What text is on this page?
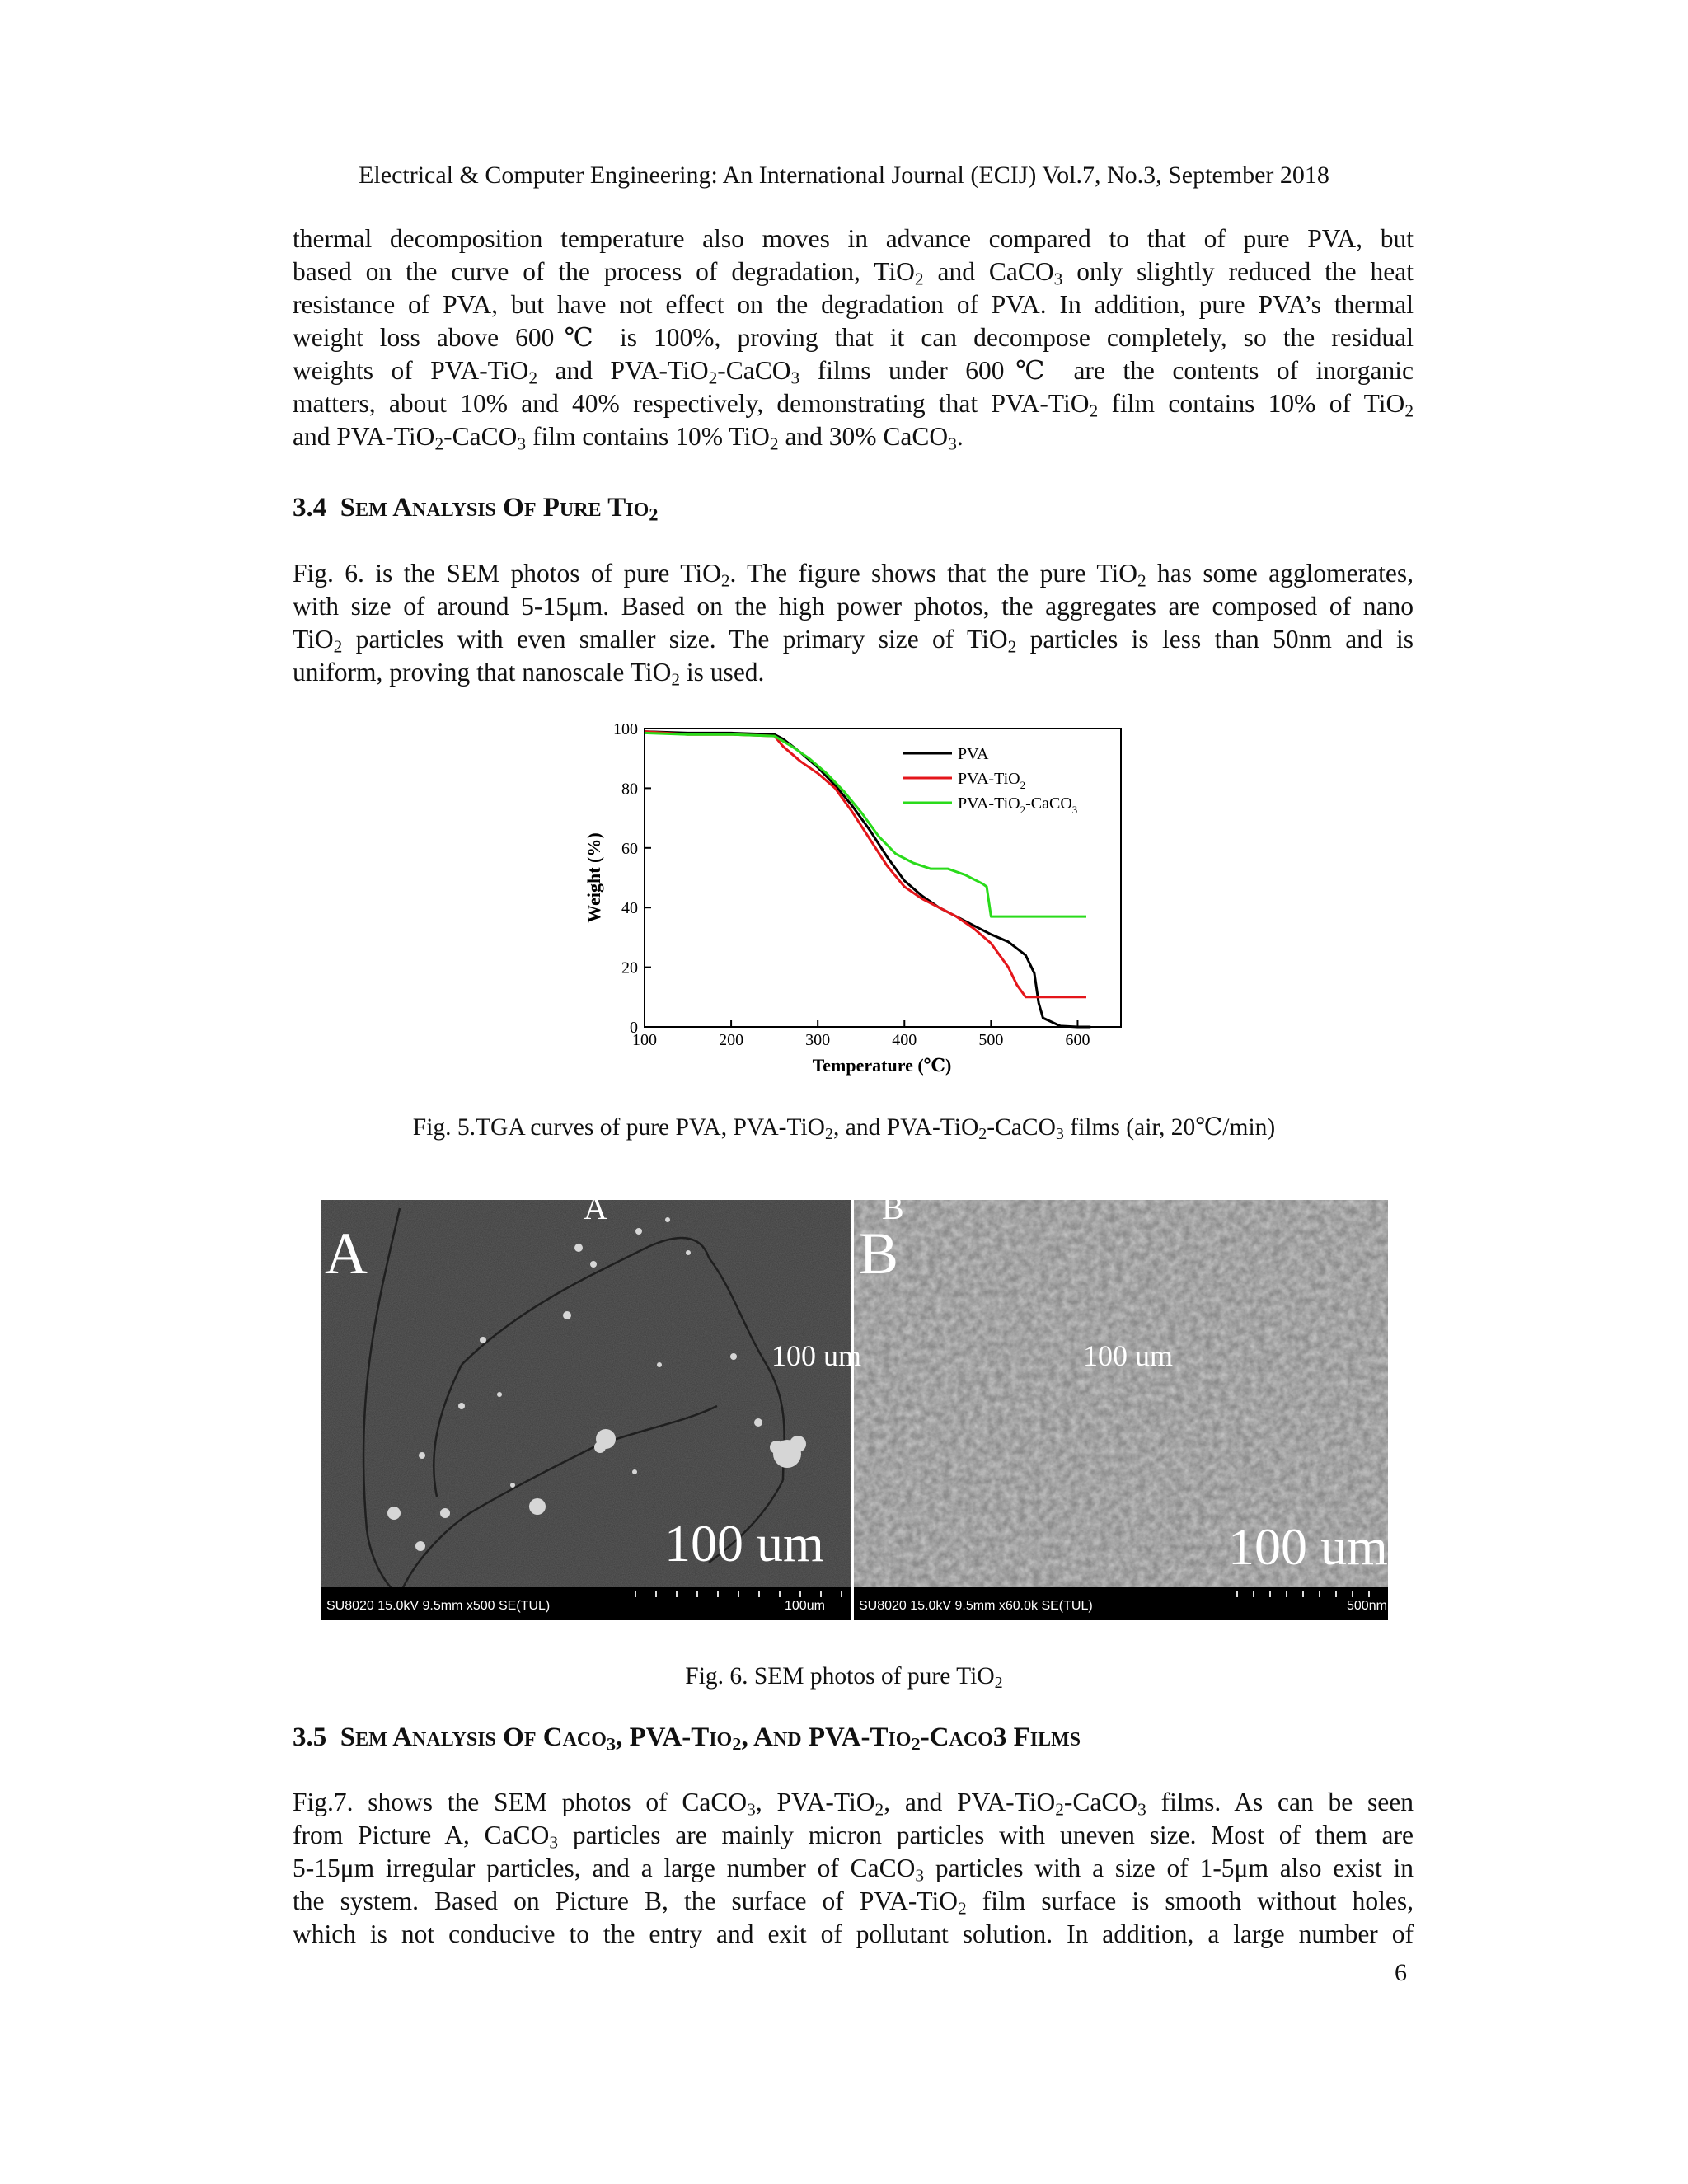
Electrical & Computer Engineering: An International Journal (ECIJ) Vol.7, No.3, September 2018
thermal decomposition temperature also moves in advance compared to that of pure PVA, but
based on the curve of the process of degradation, TiO$_2$ and CaCO$_3$ only slightly reduced the heat
resistance of PVA, but have not effect on the degradation of PVA. In addition, pure PVA’s thermal
weight loss above 600℃ is 100%, proving that it can decompose completely, so the residual
weights of PVA-TiO$_2$ and PVA-TiO$_2$-CaCO$_3$ films under 600℃ are the contents of inorganic
matters, about 10% and 40% respectively, demonstrating that PVA-TiO$_2$ film contains 10% of TiO$_2$
and PVA-TiO$_2$-CaCO$_3$ film contains 10% TiO$_2$ and 30% CaCO$_3$.
3.4 SEM ANALYSIS OF PURE $TIO_2$
Fig. 6. is the SEM photos of pure TiO$_2$. The figure shows that the pure TiO$_2$ has some agglomerates,
with size of around 5-15μm. Based on the high power photos, the aggregates are composed of nano
TiO$_2$ particles with even smaller size. The primary size of TiO$_2$ particles is less than 50nm and is
uniform, proving that nanoscale TiO$_2$ is used.
0
20
40
60
80
100
100	200	300	400	500	600
PVA
PVA-TiO$_2$
PVA-TiO$_2$-CaCO$_3$
Weight (%)
Temperature (℃)
Fig. 5.TGA curves of pure PVA, PVA-TiO$_2$, and PVA-TiO$_2$-CaCO$_3$ films (air, 20℃/min)
A
A
100 um
100 um
SU8020 15.0kV 9.5mm x500 SE(TUL)	100um
B
B
100 um
100 um
SU8020 15.0kV 9.5mm x60.0k SE(TUL)	500nm
Fig. 6. SEM photos of pure TiO$_2$
3.5 SEM ANALYSIS OF $CACO_3$, PVA-$TIO_2$, AND PVA-$TIO_2-CACO3$ FILMS
Fig.7. shows the SEM photos of CaCO$_3$, PVA-TiO$_2$, and PVA-TiO$_2$-CaCO$_3$ films. As can be seen
from Picture A, CaCO$_3$ particles are mainly micron particles with uneven size. Most of them are
5-15μm irregular particles, and a large number of CaCO$_3$ particles with a size of 1-5μm also exist in
the system. Based on Picture B, the surface of PVA-TiO$_2$ film surface is smooth without holes,
which is not conducive to the entry and exit of pollutant solution. In addition, a large number of
6
